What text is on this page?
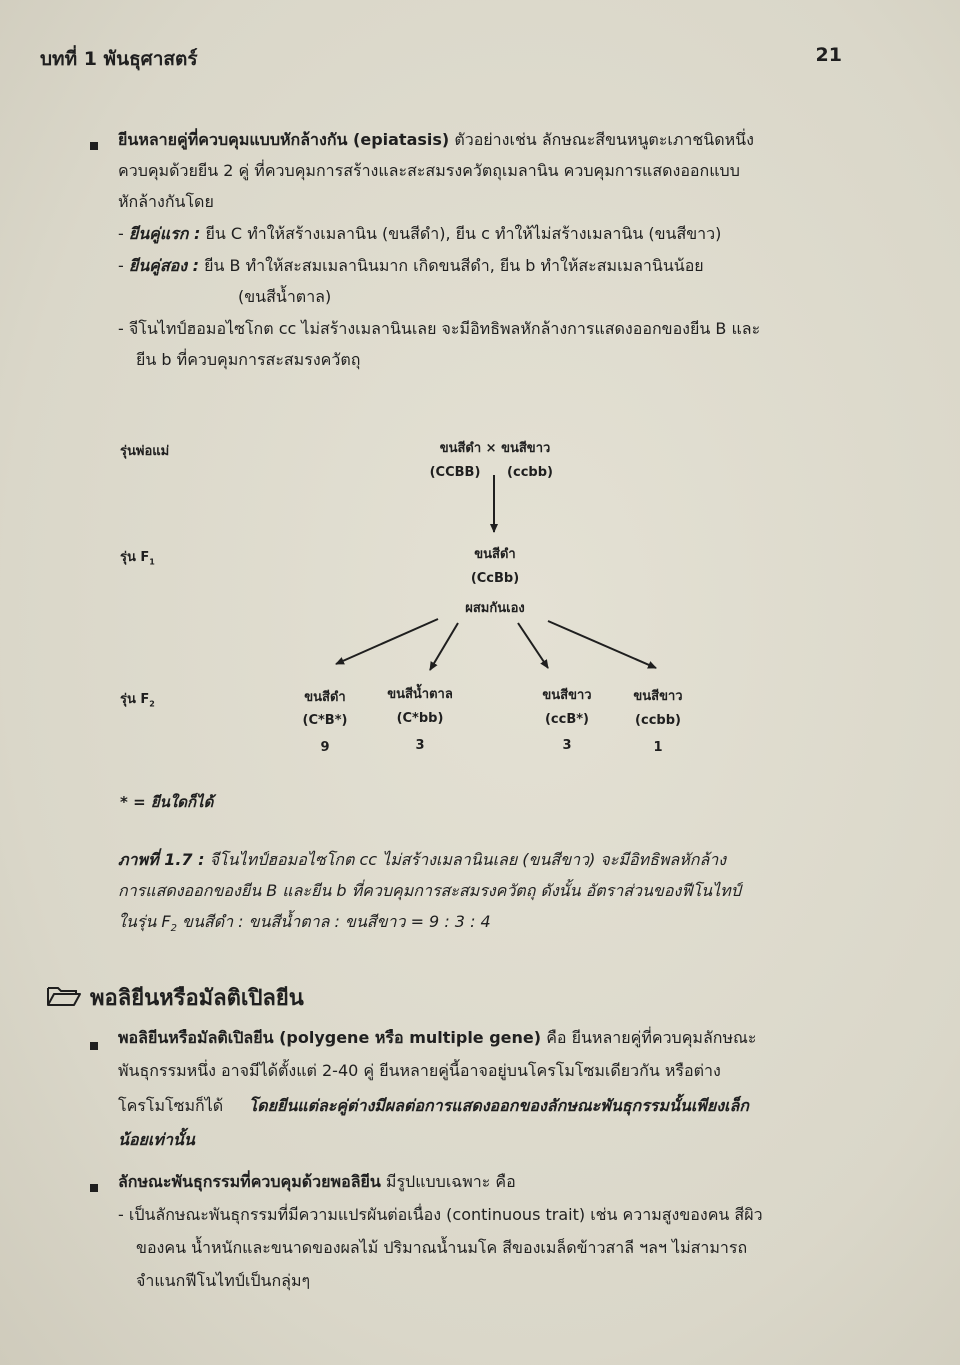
บทที่ 1 พันธุศาสตร์	21
ยีนหลายคู่ที่ควบคุมแบบหักล้างกัน (epiatasis) ตัวอย่างเช่น ลักษณะสีขนหนูตะเภาชนิดหนึ่ง
ควบคุมด้วยยีน 2 คู่ ที่ควบคุมการสร้างและสะสมรงควัตถุเมลานิน ควบคุมการแสดงออกแบบ
หักล้างกันโดย
- ยีนคู่แรก : ยีน C ทำให้สร้างเมลานิน (ขนสีดำ), ยีน c ทำให้ไม่สร้างเมลานิน (ขนสีขาว)
- ยีนคู่สอง : ยีน B ทำให้สะสมเมลานินมาก เกิดขนสีดำ, ยีน b ทำให้สะสมเมลานินน้อย
(ขนสีน้ำตาล)
- จีโนไทป์ฮอมอไซโกต cc ไม่สร้างเมลานินเลย จะมีอิทธิพลหักล้างการแสดงออกของยีน B และ
ยีน b ที่ควบคุมการสะสมรงควัตถุ
รุ่นพ่อแม่
รุ่น $F_1$
รุ่น $F_2$
ขนสีดำ × ขนสีขาว
(CCBB)	(ccbb)
ขนสีดำ
(CcBb)
ผสมกันเอง
ขนสีดำ
(C*B*)
9
ขนสีน้ำตาล
(C*bb)
3
ขนสีขาว
(ccB*)
3
ขนสีขาว
(ccbb)
1
* = ยีนใดก็ได้
ภาพที่ 1.7 : จีโนไทป์ฮอมอไซโกต cc ไม่สร้างเมลานินเลย (ขนสีขาว) จะมีอิทธิพลหักล้าง
การแสดงออกของยีน B และยีน b ที่ควบคุมการสะสมรงควัตถุ ดังนั้น อัตราส่วนของฟีโนไทป์
ในรุ่น $F_2$ ขนสีดำ : ขนสีน้ำตาล : ขนสีขาว = 9 : 3 : 4
พอลิยีนหรือมัลติเปิลยีน
พอลิยีนหรือมัลติเปิลยีน (polygene หรือ multiple gene) คือ ยีนหลายคู่ที่ควบคุมลักษณะ
พันธุกรรมหนึ่ง อาจมีได้ตั้งแต่ 2-40 คู่ ยีนหลายคู่นี้อาจอยู่บนโครโมโซมเดียวกัน หรือต่าง
โครโมโซมก็ได้ โดยยีนแต่ละคู่ต่างมีผลต่อการแสดงออกของลักษณะพันธุกรรมนั้นเพียงเล็ก
น้อยเท่านั้น
ลักษณะพันธุกรรมที่ควบคุมด้วยพอลิยีน มีรูปแบบเฉพาะ คือ
- เป็นลักษณะพันธุกรรมที่มีความแปรผันต่อเนื่อง (continuous trait) เช่น ความสูงของคน สีผิว
ของคน น้ำหนักและขนาดของผลไม้ ปริมาณน้ำนมโค สีของเมล็ดข้าวสาลี ฯลฯ ไม่สามารถ
จำแนกฟีโนไทป์เป็นกลุ่มๆ
